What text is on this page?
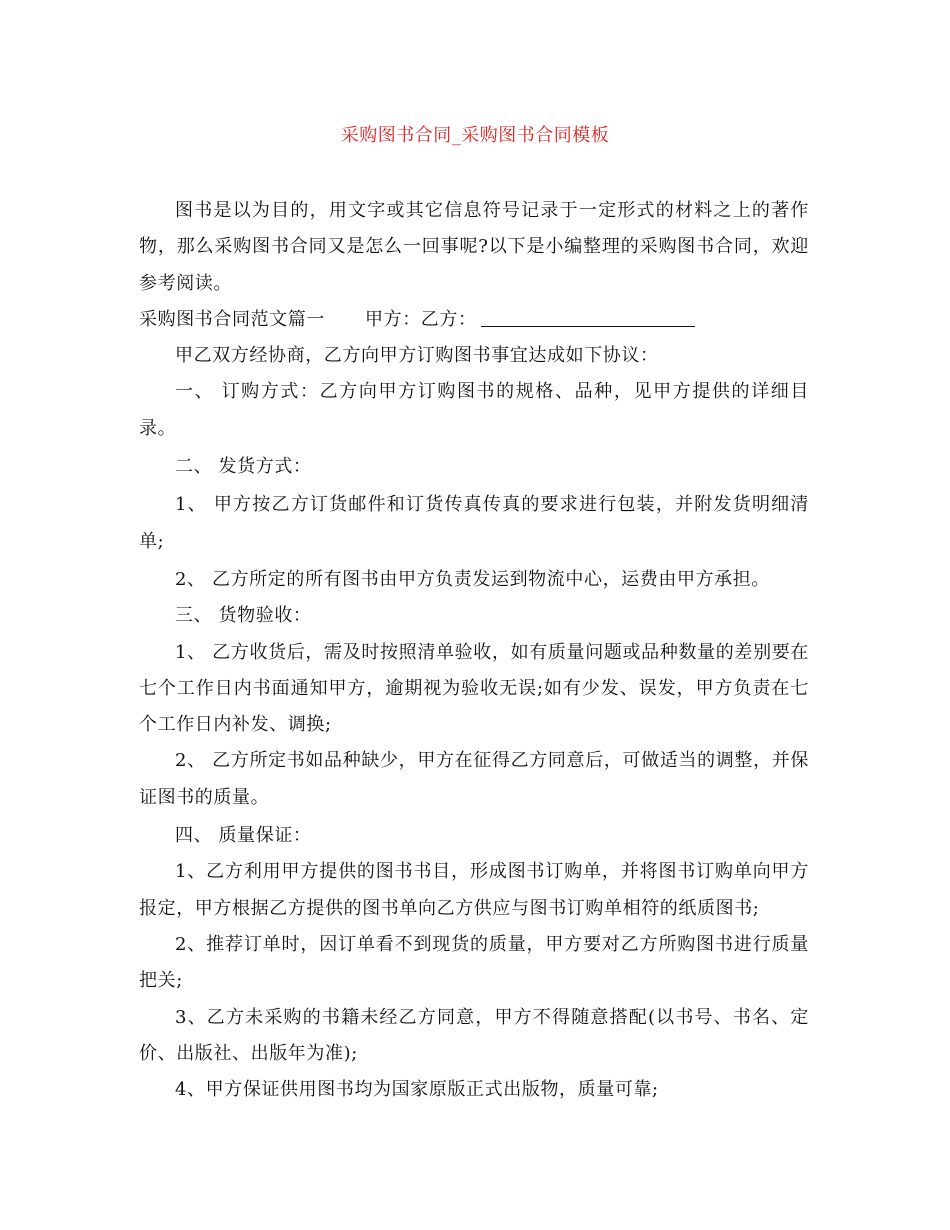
采购图书合同_采购图书合同模板

图书是以为目的，用文字或其它信息符号记录于一定形式的材料之上的著作物，那么采购图书合同又是怎么一回事呢?以下是小编整理的采购图书合同，欢迎参考阅读。

采购图书合同范文篇一 甲方：乙方：

甲乙双方经协商，乙方向甲方订购图书事宜达成如下协议：

一、 订购方式：乙方向甲方订购图书的规格、品种，见甲方提供的详细目录。

二、 发货方式：

1、 甲方按乙方订货邮件和订货传真传真的要求进行包装，并附发货明细清单;

2、 乙方所定的所有图书由甲方负责发运到物流中心，运费由甲方承担。

三、 货物验收：

1、 乙方收货后，需及时按照清单验收，如有质量问题或品种数量的差别要在七个工作日内书面通知甲方，逾期视为验收无误;如有少发、误发，甲方负责在七个工作日内补发、调换;

2、 乙方所定书如品种缺少，甲方在征得乙方同意后，可做适当的调整，并保证图书的质量。

四、 质量保证：

1、乙方利用甲方提供的图书书目，形成图书订购单，并将图书订购单向甲方报定，甲方根据乙方提供的图书单向乙方供应与图书订购单相符的纸质图书;

2、推荐订单时，因订单看不到现货的质量，甲方要对乙方所购图书进行质量把关;

3、乙方未采购的书籍未经乙方同意，甲方不得随意搭配(以书号、书名、定价、出版社、出版年为准);

4、甲方保证供用图书均为国家原版正式出版物，质量可靠;
